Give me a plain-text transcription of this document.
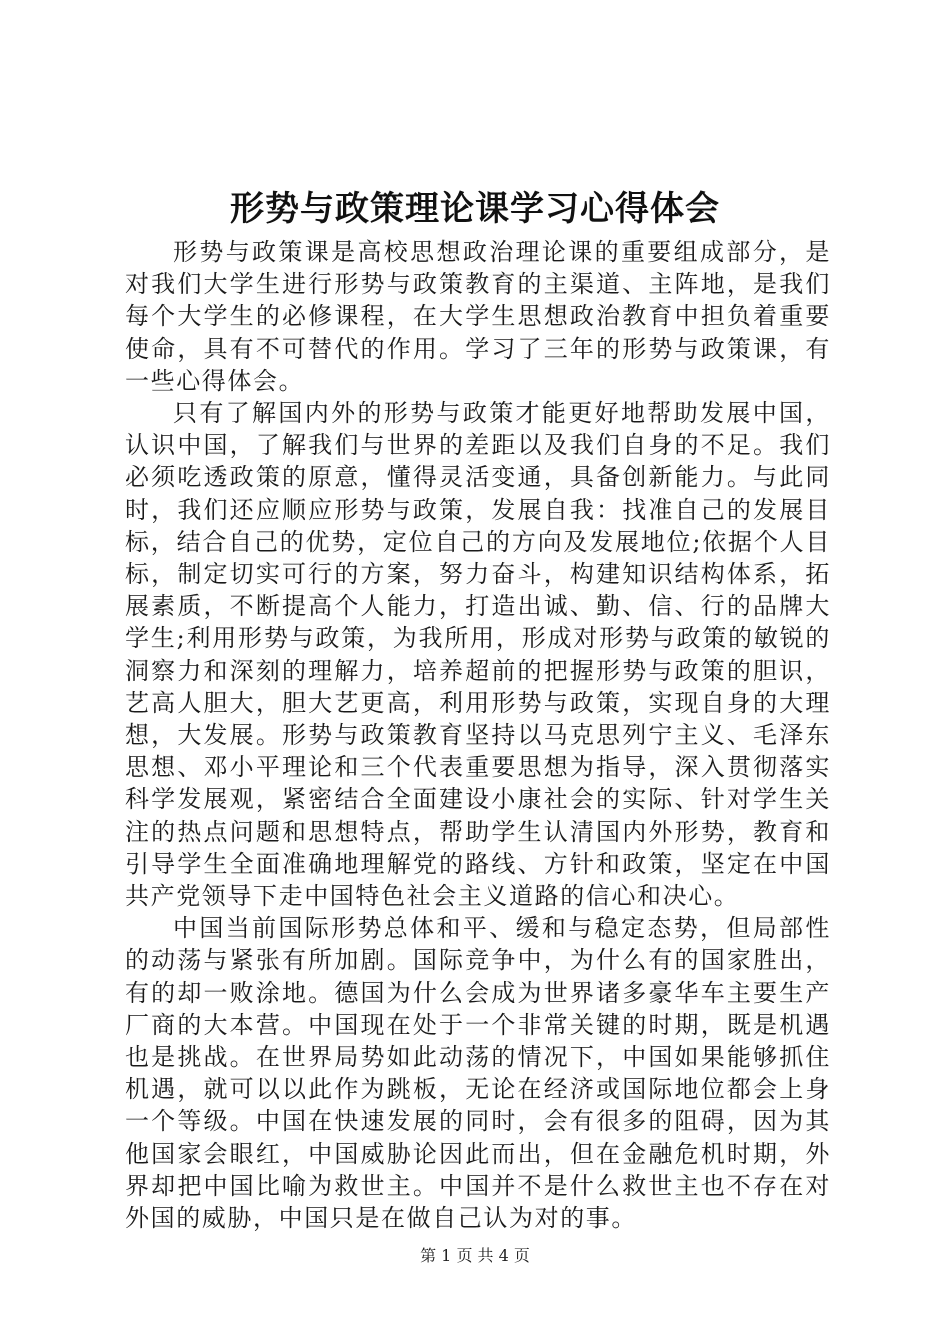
形势与政策理论课学习心得体会

形势与政策课是高校思想政治理论课的重要组成部分，是对我们大学生进行形势与政策教育的主渠道、主阵地，是我们每个大学生的必修课程，在大学生思想政治教育中担负着重要使命，具有不可替代的作用。学习了三年的形势与政策课，有一些心得体会。

只有了解国内外的形势与政策才能更好地帮助发展中国，认识中国，了解我们与世界的差距以及我们自身的不足。我们必须吃透政策的原意，懂得灵活变通，具备创新能力。与此同时，我们还应顺应形势与政策，发展自我：找准自己的发展目标，结合自己的优势，定位自己的方向及发展地位;依据个人目标，制定切实可行的方案，努力奋斗，构建知识结构体系，拓展素质，不断提高个人能力，打造出诚、勤、信、行的品牌大学生;利用形势与政策，为我所用，形成对形势与政策的敏锐的洞察力和深刻的理解力，培养超前的把握形势与政策的胆识，艺高人胆大，胆大艺更高，利用形势与政策，实现自身的大理想，大发展。形势与政策教育坚持以马克思列宁主义、毛泽东思想、邓小平理论和三个代表重要思想为指导，深入贯彻落实科学发展观，紧密结合全面建设小康社会的实际、针对学生关注的热点问题和思想特点，帮助学生认清国内外形势，教育和引导学生全面准确地理解党的路线、方针和政策，坚定在中国共产党领导下走中国特色社会主义道路的信心和决心。

中国当前国际形势总体和平、缓和与稳定态势，但局部性的动荡与紧张有所加剧。国际竞争中，为什么有的国家胜出，有的却一败涂地。德国为什么会成为世界诸多豪华车主要生产厂商的大本营。中国现在处于一个非常关键的时期，既是机遇也是挑战。在世界局势如此动荡的情况下，中国如果能够抓住机遇，就可以以此作为跳板，无论在经济或国际地位都会上身一个等级。中国在快速发展的同时，会有很多的阻碍，因为其他国家会眼红，中国威胁论因此而出，但在金融危机时期，外界却把中国比喻为救世主。中国并不是什么救世主也不存在对外国的威胁，中国只是在做自己认为对的事。

第 1 页 共 4 页
